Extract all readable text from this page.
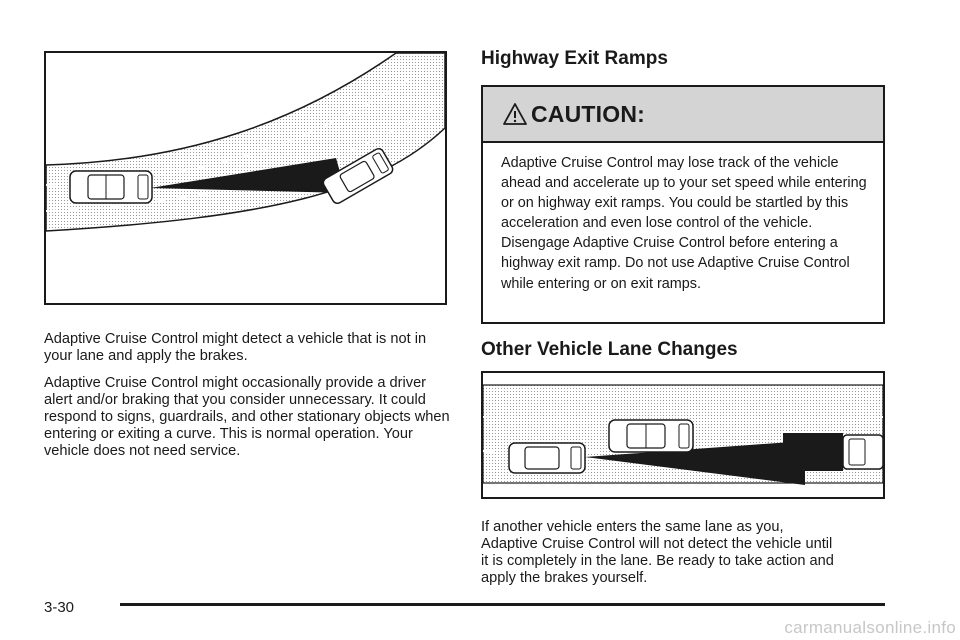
Adaptive Cruise Control might detect a vehicle that is not in your lane and apply the brakes.

Adaptive Cruise Control might occasionally provide a driver alert and/or braking that you consider unnecessary. It could respond to signs, guardrails, and other stationary objects when entering or exiting a curve. This is normal operation. Your vehicle does not need service.

Highway Exit Ramps
CAUTION:

Adaptive Cruise Control may lose track of the vehicle ahead and accelerate up to your set speed while entering or on highway exit ramps. You could be startled by this acceleration and even lose control of the vehicle. Disengage Adaptive Cruise Control before entering a highway exit ramp. Do not use Adaptive Cruise Control while entering or on exit ramps.

Other Vehicle Lane Changes

If another vehicle enters the same lane as you, Adaptive Cruise Control will not detect the vehicle until it is completely in the lane. Be ready to take action and apply the brakes yourself.

3-30
carmanualsonline.info
